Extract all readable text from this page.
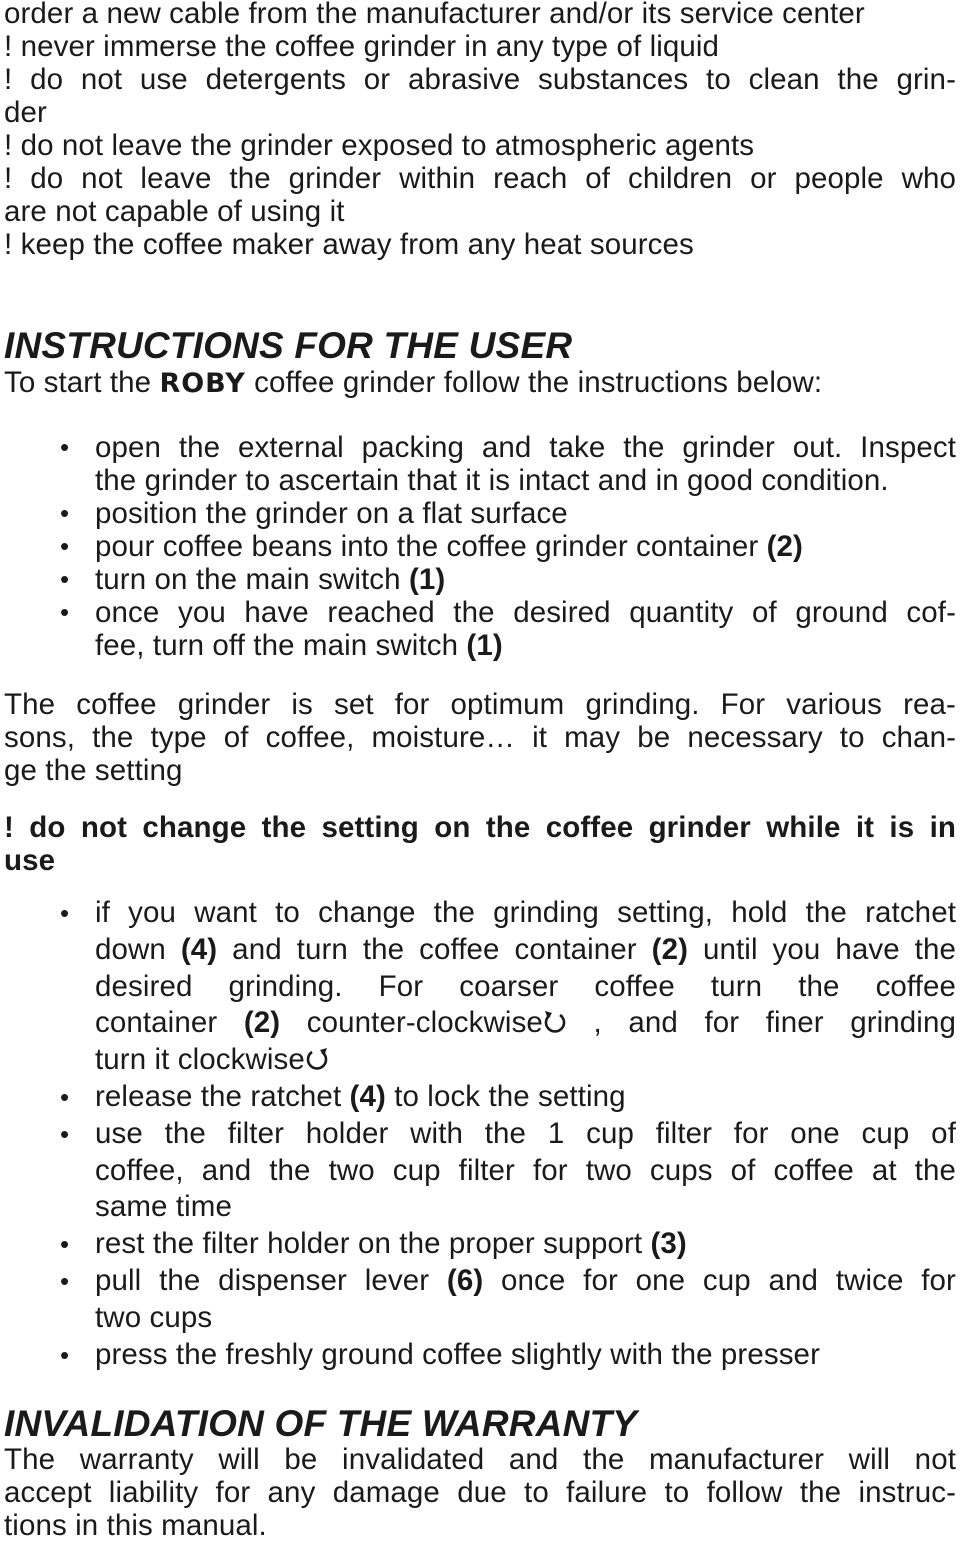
order a new cable from the manufacturer and/or its service center
! never immerse the coffee grinder in any type of liquid
! do not use detergents or abrasive substances to clean the grin-
der
! do not leave the grinder exposed to atmospheric agents
! do not leave the grinder within reach of children or people who
are not capable of using it
! keep the coffee maker away from any heat sources
INSTRUCTIONS FOR THE USER
To start the ROBY coffee grinder follow the instructions below:
• open the external packing and take the grinder out. Inspect
the grinder to ascertain that it is intact and in good condition.
• position the grinder on a flat surface
• pour coffee beans into the coffee grinder container (2)
• turn on the main switch (1)
• once you have reached the desired quantity of ground cof-
fee, turn off the main switch (1)
The coffee grinder is set for optimum grinding. For various rea-
sons, the type of coffee, moisture… it may be necessary to chan-
ge the setting
! do not change the setting on the coffee grinder while it is in
use
• if you want to change the grinding setting, hold the ratchet
down (4) and turn the coffee container (2) until you have the
desired grinding. For coarser coffee turn the coffee
container (2) counter-clockwise , and for finer grinding
turn it clockwise
• release the ratchet (4) to lock the setting
• use the filter holder with the 1 cup filter for one cup of
coffee, and the two cup filter for two cups of coffee at the
same time
• rest the filter holder on the proper support (3)
• pull the dispenser lever (6) once for one cup and twice for
two cups
• press the freshly ground coffee slightly with the presser
INVALIDATION OF THE WARRANTY
The warranty will be invalidated and the manufacturer will not
accept liability for any damage due to failure to follow the instruc-
tions in this manual.
